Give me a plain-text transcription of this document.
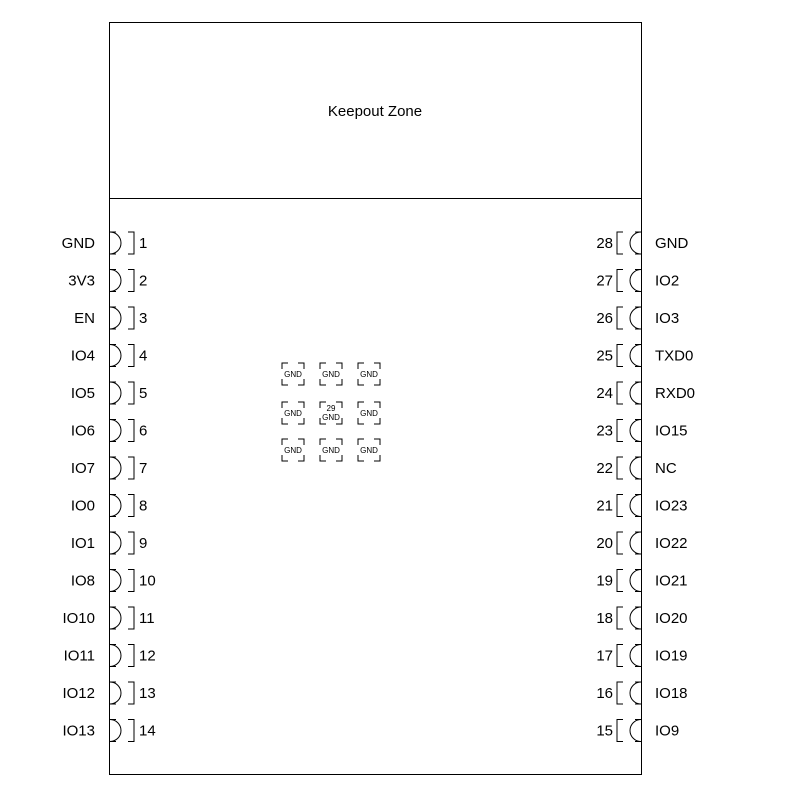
Keepout Zone
GND	1
3V3	2
EN	3
IO4	4
IO5	5
IO6	6
IO7	7
IO0	8
IO1	9
IO8	10
IO10	11
IO11	12
IO12	13
IO13	14
28	GND
27	IO2
26	IO3
25	TXD0
24	RXD0
23	IO15
22	NC
21	IO23
20	IO22
19	IO21
18	IO20
17	IO19
16	IO18
15	IO9
GND	GND	GND
GND
29
GND	GND
GND	GND	GND
